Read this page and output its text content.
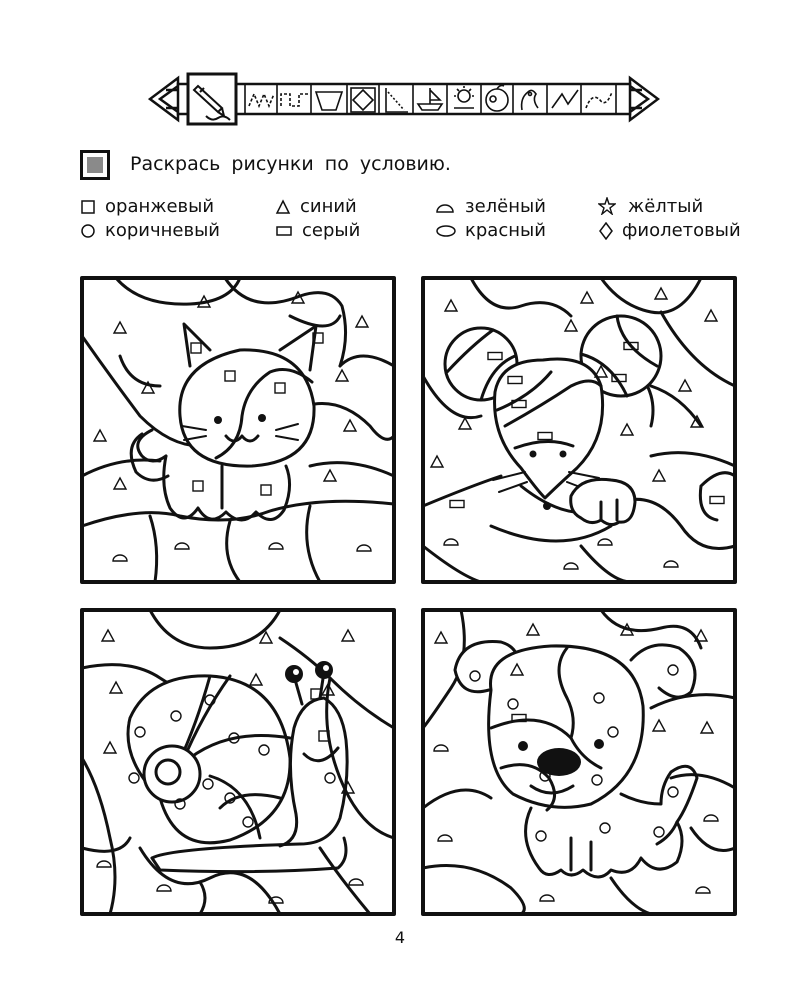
Раскрась рисунки по условию.
оранжевый	синий	зелёный	жёлтый
коричневый	серый	красный	фиолетовый
4
